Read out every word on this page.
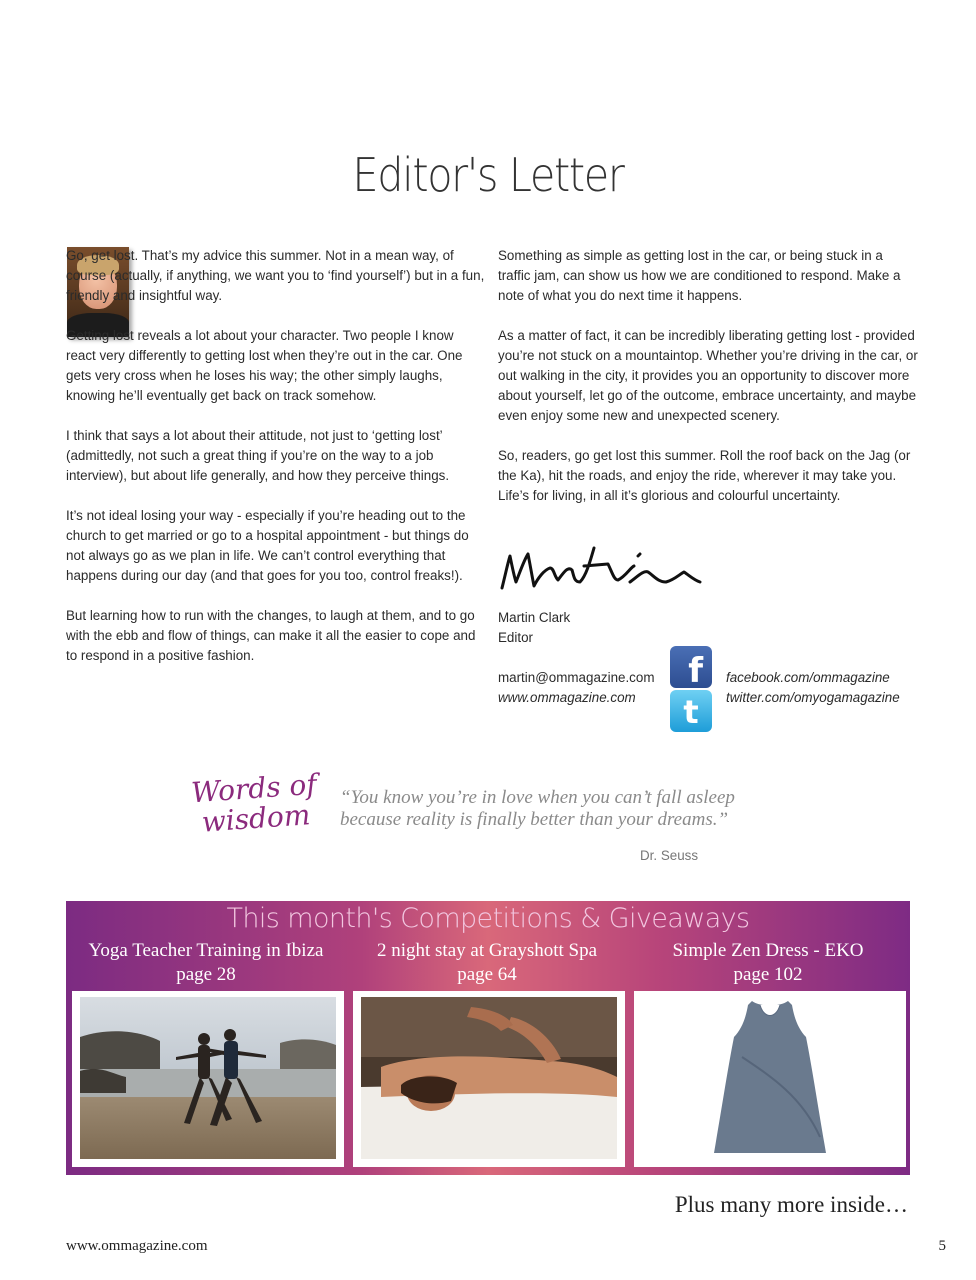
Editor's Letter

Go, get lost. That’s my advice this summer. Not in a mean way, of course (actually, if anything, we want you to ‘find yourself’) but in a fun, friendly and insightful way.

Getting lost reveals a lot about your character. Two people I know react very differently to getting lost when they’re out in the car. One gets very cross when he loses his way; the other simply laughs, knowing he’ll eventually get back on track somehow.

I think that says a lot about their attitude, not just to ‘getting lost’ (admittedly, not such a great thing if you’re on the way to a job interview), but about life generally, and how they perceive things.

It’s not ideal losing your way - especially if you’re heading out to the church to get married or go to a hospital appointment - but things do not always go as we plan in life. We can’t control everything that happens during our day (and that goes for you too, control freaks!).

But learning how to run with the changes, to laugh at them, and to go with the ebb and flow of things, can make it all the easier to cope and to respond in a positive fashion.

Something as simple as getting lost in the car, or being stuck in a traffic jam, can show us how we are conditioned to respond. Make a note of what you do next time it happens.

As a matter of fact, it can be incredibly liberating getting lost - provided you’re not stuck on a mountaintop. Whether you’re driving in the car, or out walking in the city, it provides you an opportunity to discover more about yourself, let go of the outcome, embrace uncertainty, and maybe even enjoy some new and unexpected scenery.

So, readers, go get lost this summer. Roll the roof back on the Jag (or the Ka), hit the roads, and enjoy the ride, wherever it may take you. Life’s for living, in all it’s glorious and colourful uncertainty.

Martin Clark
Editor
martin@ommagazine.com
www.ommagazine.com
f
t
facebook.com/ommagazine
twitter.com/omyogamagazine
Words of
wisdom
“You know you’re in love when you can’t fall asleep
because reality is finally better than your dreams.”
Dr. Seuss
This month's Competitions & Giveaways
Yoga Teacher Training in Ibiza
page 28
2 night stay at Grayshott Spa
page 64
Simple Zen Dress - EKO
page 102
Plus many more inside…
www.ommagazine.com	5
